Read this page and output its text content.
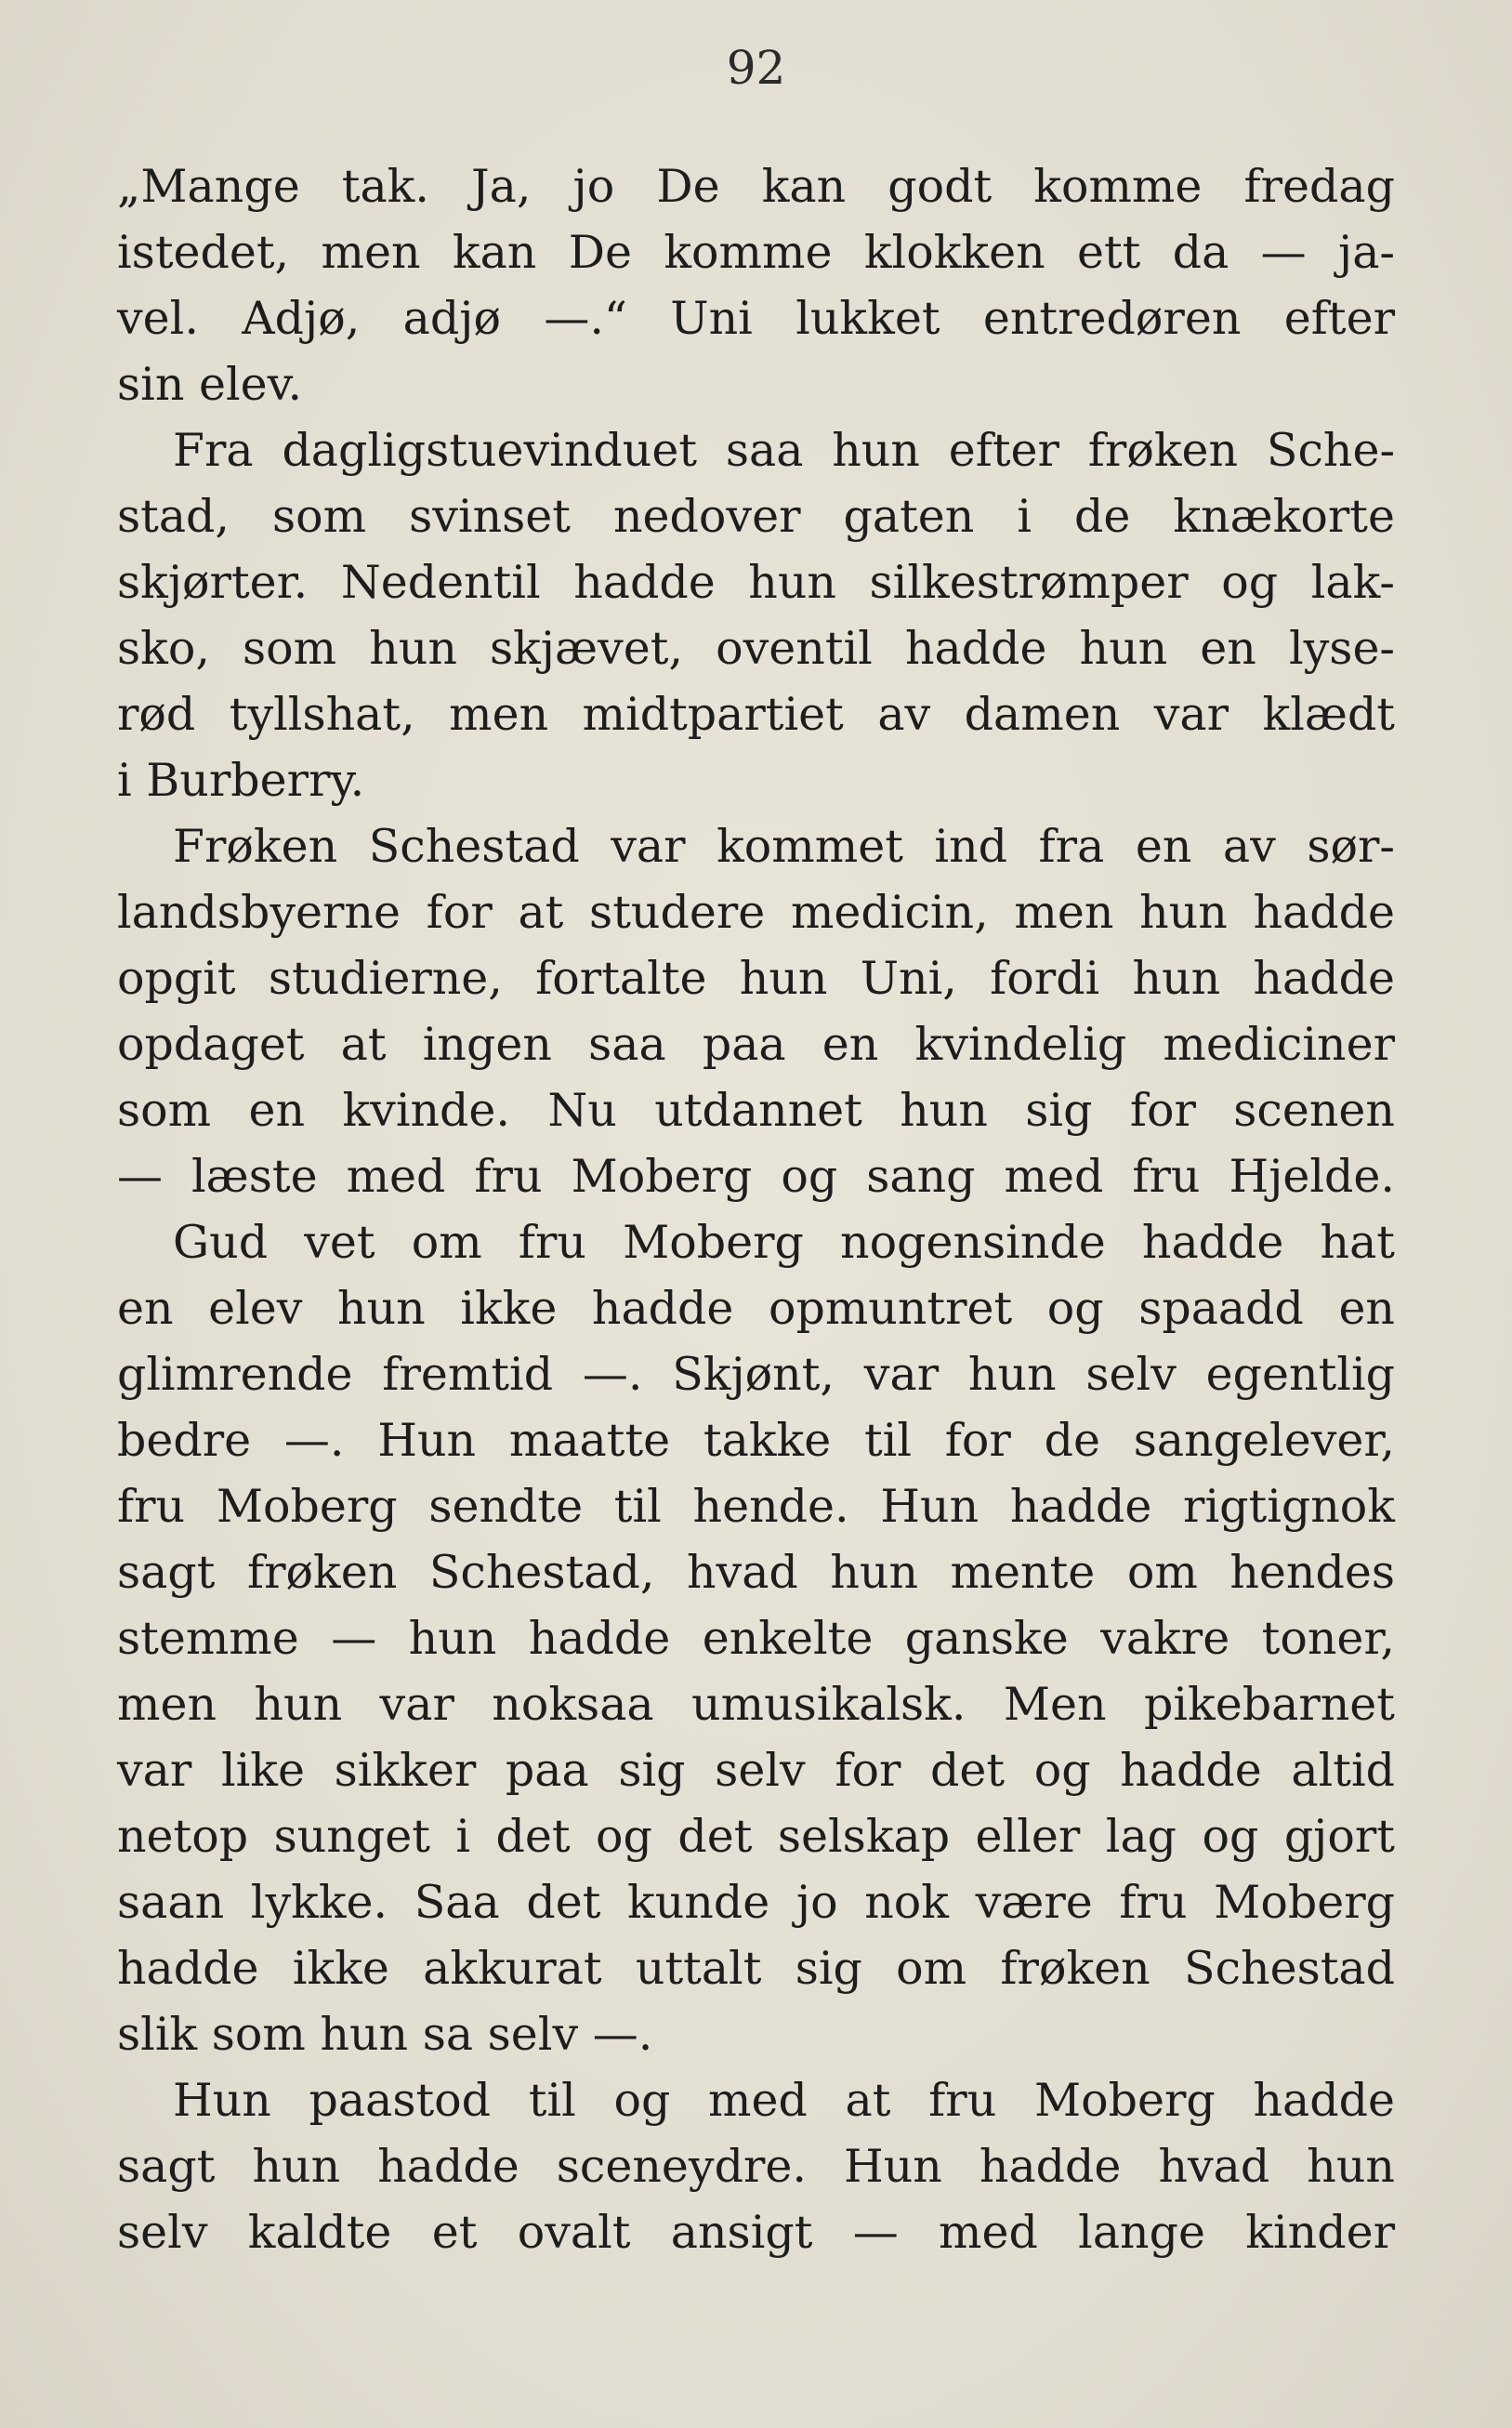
92
„Mange tak. Ja, jo De kan godt komme fredag
istedet, men kan De komme klokken ett da — ja-
vel. Adjø, adjø —.“ Uni lukket entredøren efter
sin elev.
Fra dagligstuevinduet saa hun efter frøken Sche-
stad, som svinset nedover gaten i de knækorte
skjørter. Nedentil hadde hun silkestrømper og lak-
sko, som hun skjævet, oventil hadde hun en lyse-
rød tyllshat, men midtpartiet av damen var klædt
i Burberry.
Frøken Schestad var kommet ind fra en av sør-
landsbyerne for at studere medicin, men hun hadde
opgit studierne, fortalte hun Uni, fordi hun hadde
opdaget at ingen saa paa en kvindelig mediciner
som en kvinde. Nu utdannet hun sig for scenen
— læste med fru Moberg og sang med fru Hjelde.
Gud vet om fru Moberg nogensinde hadde hat
en elev hun ikke hadde opmuntret og spaadd en
glimrende fremtid —. Skjønt, var hun selv egentlig
bedre —. Hun maatte takke til for de sangelever,
fru Moberg sendte til hende. Hun hadde rigtignok
sagt frøken Schestad, hvad hun mente om hendes
stemme — hun hadde enkelte ganske vakre toner,
men hun var noksaa umusikalsk. Men pikebarnet
var like sikker paa sig selv for det og hadde altid
netop sunget i det og det selskap eller lag og gjort
saan lykke. Saa det kunde jo nok være fru Moberg
hadde ikke akkurat uttalt sig om frøken Schestad
slik som hun sa selv —.
Hun paastod til og med at fru Moberg hadde
sagt hun hadde sceneydre. Hun hadde hvad hun
selv kaldte et ovalt ansigt — med lange kinder
